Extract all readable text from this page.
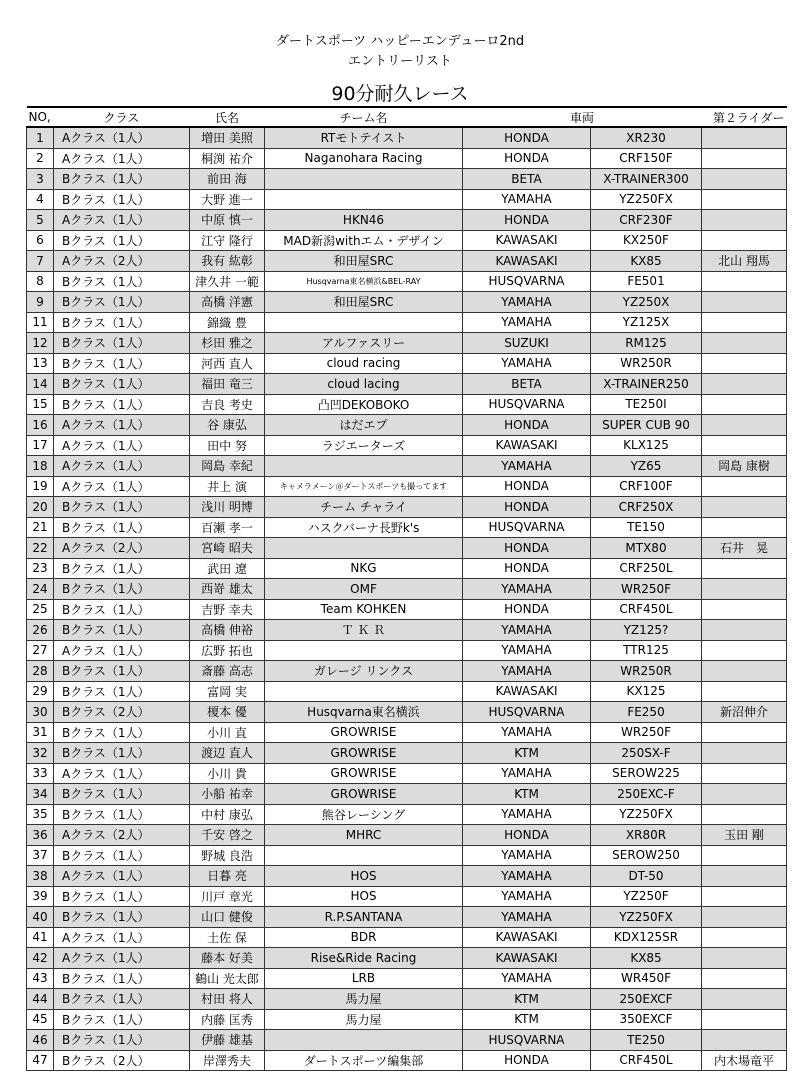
ダートスポーツ ハッピーエンデューロ2nd
エントリーリスト
90分耐久レース
NO,	クラス	氏名	チーム名	車両		第２ライダー
1	Aクラス（1人）	増田 美照	RTモトテイスト	HONDA	XR230	
2	Aクラス（1人）	桐渕 祐介	Naganohara Racing	HONDA	CRF150F	
3	Bクラス（1人）	前田 海		BETA	X-TRAINER300	
4	Bクラス（1人）	大野 進一		YAMAHA	YZ250FX	
5	Aクラス（1人）	中原 慎一	HKN46	HONDA	CRF230F	
6	Bクラス（1人）	江守 隆行	MAD新潟withエム・デザイン	KAWASAKI	KX250F	
7	Aクラス（2人）	我有 紘彰	和田屋SRC	KAWASAKI	KX85	北山 翔馬
8	Bクラス（1人）	津久井 一範	Husqvarna東名横浜&BEL-RAY	HUSQVARNA	FE501	
9	Bクラス（1人）	高橋 洋憲	和田屋SRC	YAMAHA	YZ250X	
11	Bクラス（1人）	錦織 豊		YAMAHA	YZ125X	
12	Bクラス（1人）	杉田 雅之	アルファスリー	SUZUKI	RM125	
13	Bクラス（1人）	河西 直人	cloud racing	YAMAHA	WR250R	
14	Bクラス（1人）	福田 竜三	cloud lacing	BETA	X-TRAINER250	
15	Bクラス（1人）	吉良 考史	凸凹DEKOBOKO	HUSQVARNA	TE250I	
16	Aクラス（1人）	谷 康弘	はだエプ	HONDA	SUPER CUB 90	
17	Aクラス（1人）	田中 努	ラジエーターズ	KAWASAKI	KLX125	
18	Aクラス（1人）	岡島 幸紀		YAMAHA	YZ65	岡島 康樹
19	Aクラス（1人）	井上 演	キャメラメーン＠ダートスポーツも撮ってます	HONDA	CRF100F	
20	Bクラス（1人）	浅川 明博	チーム チャライ	HONDA	CRF250X	
21	Bクラス（1人）	百瀬 孝一	ハスクバーナ長野k's	HUSQVARNA	TE150	
22	Aクラス（2人）	宮崎 昭夫		HONDA	MTX80	石井　晃
23	Bクラス（1人）	武田 遼	NKG	HONDA	CRF250L	
24	Bクラス（1人）	西嵜 雄太	OMF	YAMAHA	WR250F	
25	Bクラス（1人）	吉野 幸夫	Team KOHKEN	HONDA	CRF450L	
26	Bクラス（1人）	高橋 伸裕	Ｔ Ｋ Ｒ	YAMAHA	YZ125?	
27	Aクラス（1人）	広野 拓也		YAMAHA	TTR125	
28	Bクラス（1人）	斎藤 高志	ガレージ リンクス	YAMAHA	WR250R	
29	Bクラス（1人）	富岡 実		KAWASAKI	KX125	
30	Bクラス（2人）	榎本 優	Husqvarna東名横浜	HUSQVARNA	FE250	新沼伸介
31	Bクラス（1人）	小川 直	GROWRISE	YAMAHA	WR250F	
32	Bクラス（1人）	渡辺 直人	GROWRISE	KTM	250SX-F	
33	Aクラス（1人）	小川 貴	GROWRISE	YAMAHA	SEROW225	
34	Bクラス（1人）	小船 祐幸	GROWRISE	KTM	250EXC-F	
35	Bクラス（1人）	中村 康弘	熊谷レーシング	YAMAHA	YZ250FX	
36	Aクラス（2人）	千安 啓之	MHRC	HONDA	XR80R	玉田 剛
37	Bクラス（1人）	野城 良浩		YAMAHA	SEROW250	
38	Aクラス（1人）	日暮 亮	HOS	YAMAHA	DT-50	
39	Bクラス（1人）	川戸 章光	HOS	YAMAHA	YZ250F	
40	Bクラス（1人）	山口 健俊	R.P.SANTANA	YAMAHA	YZ250FX	
41	Aクラス（1人）	土佐 保	BDR	KAWASAKI	KDX125SR	
42	Aクラス（1人）	藤本 好美	Rise&Ride Racing	KAWASAKI	KX85	
43	Bクラス（1人）	鶴山 光太郎	LRB	YAMAHA	WR450F	
44	Bクラス（1人）	村田 将人	馬力屋	KTM	250EXCF	
45	Bクラス（1人）	内藤 匡秀	馬力屋	KTM	350EXCF	
46	Bクラス（1人）	伊藤 雄基		HUSQVARNA	TE250	
47	Bクラス（2人）	岸澤秀夫	ダートスポーツ編集部	HONDA	CRF450L	内木場竜平
